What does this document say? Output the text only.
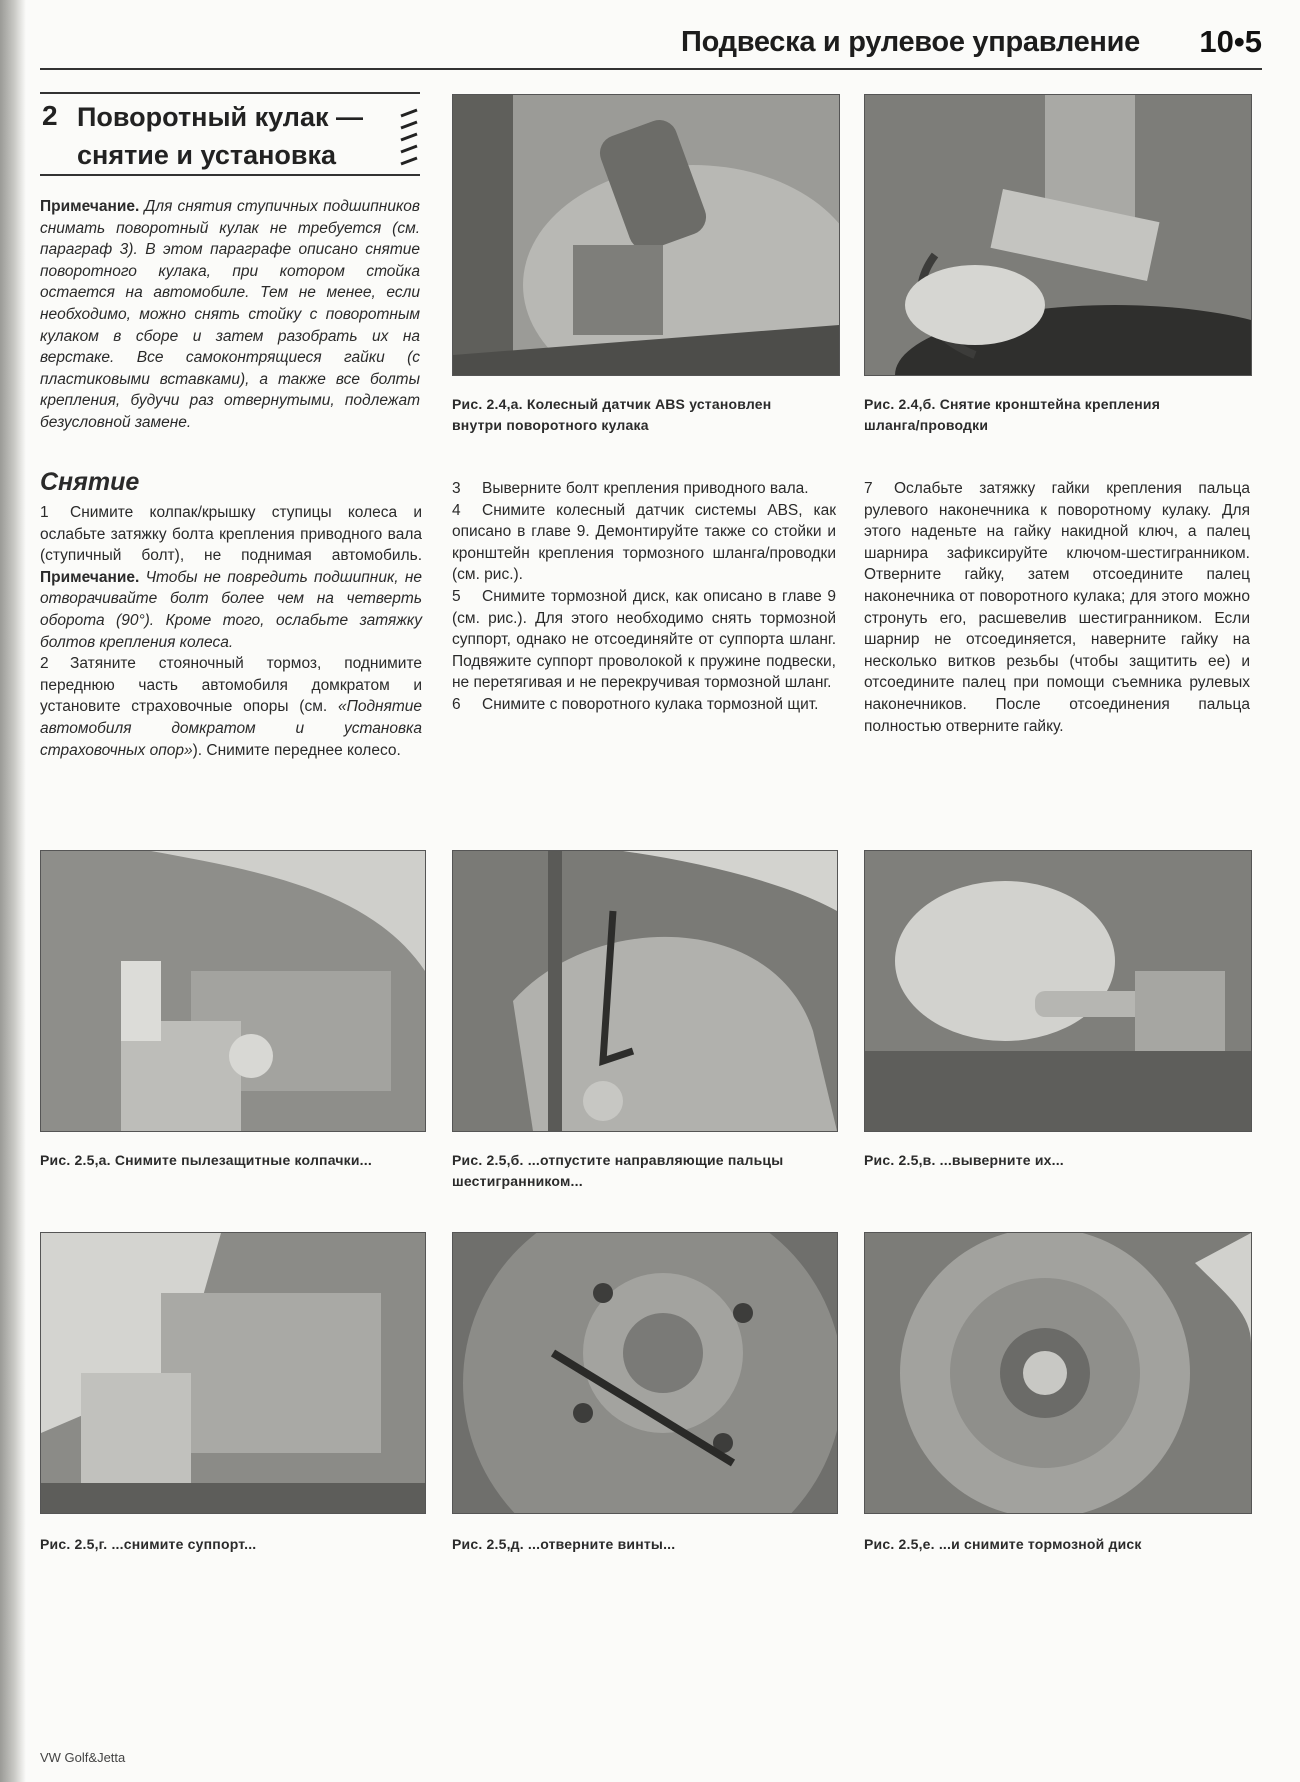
Подвеска и рулевое управление	10•5
2 Поворотный кулак —
снятие и установка
Примечание. Для снятия ступичных подшипников снимать поворотный кулак не требуется (см. параграф 3). В этом параграфе описано снятие поворотного кулака, при котором стойка остается на автомобиле. Тем не менее, если необходимо, можно снять стойку с поворотным кулаком в сборе и затем разобрать их на верстаке. Все самоконтрящиеся гайки (с пластиковыми вставками), а также все болты крепления, будучи раз отвернутыми, подлежат безусловной замене.
Снятие

1 Снимите колпак/крышку ступицы колеса и ослабьте затяжку болта крепления приводного вала (ступичный болт), не поднимая автомобиль. Примечание. Чтобы не повредить подшипник, не отворачивайте болт более чем на четверть оборота (90°). Кроме того, ослабьте затяжку болтов крепления колеса.

2 Затяните стояночный тормоз, поднимите переднюю часть автомобиля домкратом и установите страховочные опоры (см. «Поднятие автомобиля домкратом и установка страховочных опор»). Снимите переднее колесо.

3 Выверните болт крепления приводного вала.

4 Снимите колесный датчик системы ABS, как описано в главе 9. Демонтируйте также со стойки и кронштейн крепления тормозного шланга/проводки (см. рис.).

5 Снимите тормозной диск, как описано в главе 9 (см. рис.). Для этого необходимо снять тормозной суппорт, однако не отсоединяйте от суппорта шланг. Подвяжите суппорт проволокой к пружине подвески, не перетягивая и не перекручивая тормозной шланг.

6 Снимите с поворотного кулака тормозной щит.

7 Ослабьте затяжку гайки крепления пальца рулевого наконечника к поворотному кулаку. Для этого наденьте на гайку накидной ключ, а палец шарнира зафиксируйте ключом-шестигранником. Отверните гайку, затем отсоедините палец наконечника от поворотного кулака; для этого можно стронуть его, расшевелив шестигранником. Если шарнир не отсоединяется, наверните гайку на несколько витков резьбы (чтобы защитить ее) и отсоедините палец при помощи съемника рулевых наконечников. После отсоединения пальца полностью отверните гайку.

Рис. 2.4,а. Колесный датчик ABS установлен
внутри поворотного кулака
Рис. 2.4,б. Снятие кронштейна крепления
шланга/проводки
Рис. 2.5,а. Снимите пылезащитные колпачки...	Рис. 2.5,б. ...отпустите направляющие пальцы
шестигранником...
Рис. 2.5,в. ...выверните их...
Рис. 2.5,г. ...снимите суппорт...	Рис. 2.5,д. ...отверните винты...	Рис. 2.5,е. ...и снимите тормозной диск
VW Golf&Jetta
